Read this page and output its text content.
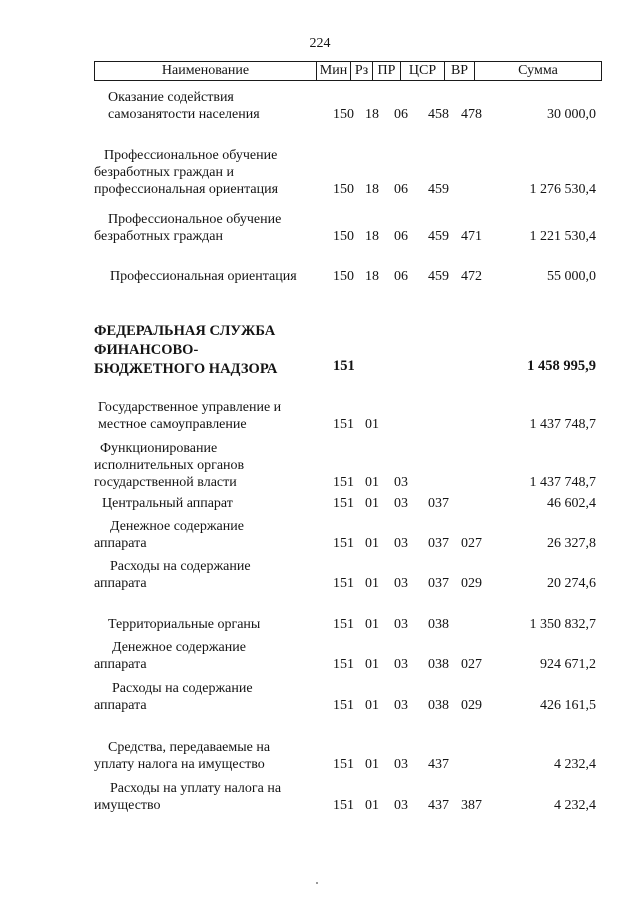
224
Наименование	Мин Рз ПР ЦСР	ВР	Сумма
Оказание содействия
самозанятости населения	150 18	06	458 478	30 000,0
Профессиональное обучение
безработных граждан и
профессиональная ориентация	150 18	06	459	1 276 530,4
Профессиональное обучение
безработных граждан	150 18	06	459 471	1 221 530,4
Профессиональная ориентация	150 18	06	459 472	55 000,0
ФЕДЕРАЛЬНАЯ СЛУЖБА
ФИНАНСОВО-
БЮДЖЕТНОГО НАДЗОРА	151	1 458 995,9
Государственное управление и
местное самоуправление	151 01	1 437 748,7
Функционирование
исполнительных органов
государственной власти	151 01	03	1 437 748,7
Центральный аппарат	151 01	03	037	46 602,4
Денежное содержание
аппарата	151 01	03	037 027	26 327,8
Расходы на содержание
аппарата	151 01	03	037 029	20 274,6
Территориальные органы	151 01	03	038	1 350 832,7
Денежное содержание
аппарата	151 01	03	038 027	924 671,2
Расходы на содержание
аппарата	151 01	03	038 029	426 161,5
Средства, передаваемые на
уплату налога на имущество	151 01	03	437	4 232,4
Расходы на уплату налога на
имущество	151 01	03	437 387	4 232,4
